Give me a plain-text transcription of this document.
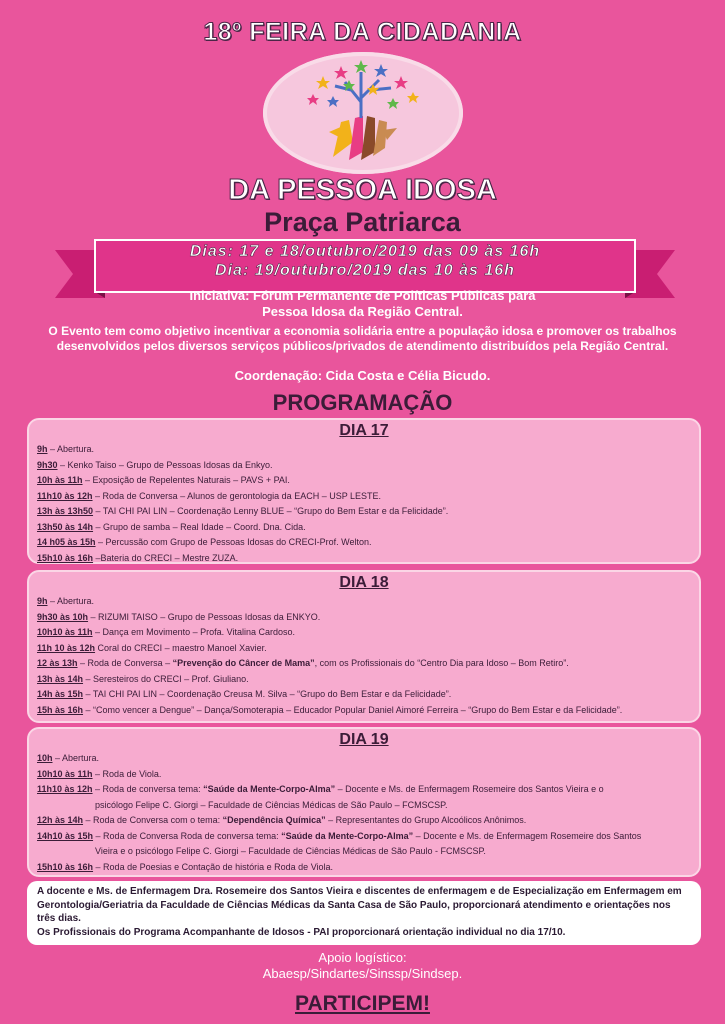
18º FEIRA DA CIDADANIA
DA PESSOA IDOSA
Praça Patriarca
Dias: 17 e 18/outubro/2019 das 09 às 16h
Dia: 19/outubro/2019 das 10 às 16h
Iniciativa: Fórum Permanente de Políticas Públicas para
Pessoa Idosa da Região Central.
O Evento tem como objetivo incentivar a economia solidária entre a população idosa e promover os trabalhos
desenvolvidos pelos diversos serviços públicos/privados de atendimento distribuídos pela Região Central.
Coordenação: Cida Costa e Célia Bicudo.
PROGRAMAÇÃO
DIA 17
9h – Abertura.
9h30 – Kenko Taiso – Grupo de Pessoas Idosas da Enkyo.
10h às 11h – Exposição de Repelentes Naturais – PAVS + PAI.
11h10 às 12h – Roda de Conversa – Alunos de gerontologia da EACH – USP LESTE.
13h às 13h50 – TAI CHI PAI LIN – Coordenação Lenny BLUE – “Grupo do Bem Estar e da Felicidade”.
13h50 às 14h – Grupo de samba – Real Idade – Coord. Dna. Cida.
14 h05 às 15h – Percussão com Grupo de Pessoas Idosas do CRECI-Prof. Welton.
15h10 às 16h –Bateria do CRECI – Mestre ZUZA.
DIA 18
9h – Abertura.
9h30 às 10h – RIZUMI TAISO – Grupo de Pessoas Idosas da ENKYO.
10h10 às 11h – Dança em Movimento – Profa. Vitalina Cardoso.
11h 10 às 12h Coral do CRECI – maestro Manoel Xavier.
12 às 13h – Roda de Conversa – “Prevenção do Câncer de Mama”, com os Profissionais do “Centro Dia para Idoso – Bom Retiro”.
13h às 14h – Seresteiros do CRECI – Prof. Giuliano.
14h às 15h – TAI CHI PAI LIN – Coordenação Creusa M. Silva – “Grupo do Bem Estar e da Felicidade”.
15h às 16h – “Como vencer a Dengue” – Dança/Somoterapia – Educador Popular Daniel Aimoré Ferreira – “Grupo do Bem Estar e da Felicidade”.
DIA 19
10h – Abertura.
10h10 às 11h – Roda de Viola.
11h10 às 12h – Roda de conversa tema: “Saúde da Mente-Corpo-Alma” – Docente e Ms. de Enfermagem Rosemeire dos Santos Vieira e o
psicólogo Felipe C. Giorgi – Faculdade de Ciências Médicas de São Paulo – FCMSCSP.
12h às 14h – Roda de Conversa com o tema: “Dependência Química” – Representantes do Grupo Alcoólicos Anônimos.
14h10 às 15h – Roda de Conversa Roda de conversa tema: “Saúde da Mente-Corpo-Alma” – Docente e Ms. de Enfermagem Rosemeire dos Santos
Vieira e o psicólogo Felipe C. Giorgi – Faculdade de Ciências Médicas de São Paulo - FCMSCSP.
15h10 às 16h – Roda de Poesias e Contação de história e Roda de Viola.
A docente e Ms. de Enfermagem Dra. Rosemeire dos Santos Vieira e discentes de enfermagem e de Especialização em Enfermagem em
Gerontologia/Geriatria da Faculdade de Ciências Médicas da Santa Casa de São Paulo, proporcionará atendimento e orientações nos
três dias.
Os Profissionais do Programa Acompanhante de Idosos - PAI proporcionará orientação individual no dia 17/10.
Apoio logístico:
Abaesp/Sindartes/Sinssp/Sindsep.
PARTICIPEM!
